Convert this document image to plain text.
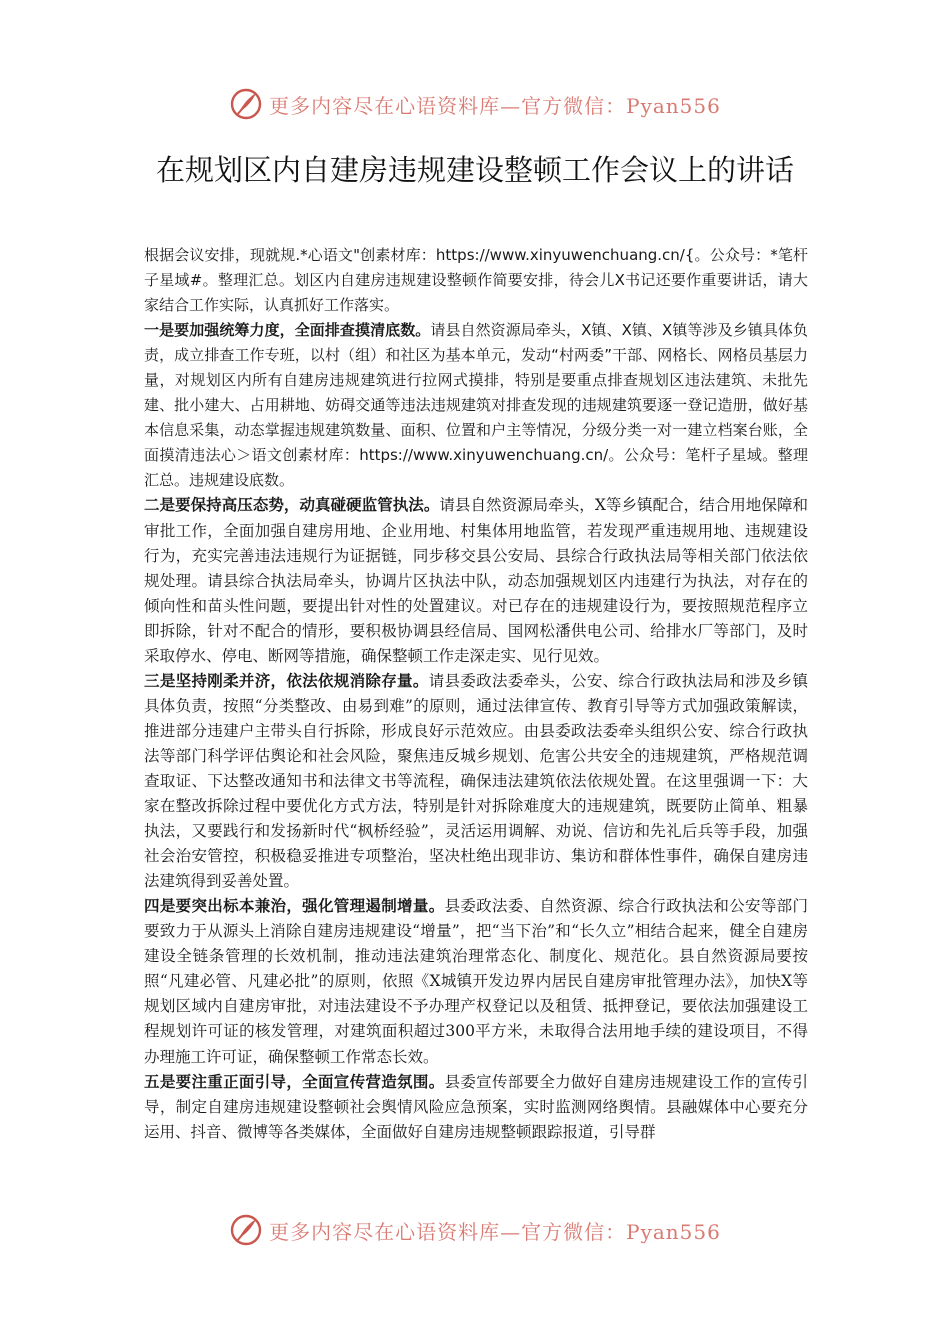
更多内容尽在心语资料库—官方微信：Pyan556
在规划区内自建房违规建设整顿工作会议上的讲话

根据会议安排，现就规.*心语文"创素材库：https://www.xinyuwenchuang.cn/{。公众号：*笔杆子星域#。整理汇总。划区内自建房违规建设整顿作简要安排，待会儿X书记还要作重要讲话，请大家结合工作实际，认真抓好工作落实。

一是要加强统筹力度，全面排查摸清底数。请县自然资源局牵头，X镇、X镇、X镇等涉及乡镇具体负责，成立排查工作专班，以村（组）和社区为基本单元，发动“村两委”干部、网格长、网格员基层力量，对规划区内所有自建房违规建筑进行拉网式摸排，特别是要重点排查规划区违法建筑、未批先建、批小建大、占用耕地、妨碍交通等违法违规建筑对排查发现的违规建筑要逐一登记造册，做好基本信息采集，动态掌握违规建筑数量、面积、位置和户主等情况，分级分类一对一建立档案台账，全面摸清违法心＞语文创素材库：https://www.xinyuwenchuang.cn/。公众号：笔杆子星域。整理汇总。违规建设底数。

二是要保持高压态势，动真碰硬监管执法。请县自然资源局牵头，X等乡镇配合，结合用地保障和审批工作，全面加强自建房用地、企业用地、村集体用地监管，若发现严重违规用地、违规建设行为，充实完善违法违规行为证据链，同步移交县公安局、县综合行政执法局等相关部门依法依规处理。请县综合执法局牵头，协调片区执法中队，动态加强规划区内违建行为执法，对存在的倾向性和苗头性问题，要提出针对性的处置建议。对已存在的违规建设行为，要按照规范程序立即拆除，针对不配合的情形，要积极协调县经信局、国网松潘供电公司、给排水厂等部门，及时采取停水、停电、断网等措施，确保整顿工作走深走实、见行见效。

三是坚持刚柔并济，依法依规消除存量。请县委政法委牵头，公安、综合行政执法局和涉及乡镇具体负责，按照“分类整改、由易到难”的原则，通过法律宣传、教育引导等方式加强政策解读，推进部分违建户主带头自行拆除，形成良好示范效应。由县委政法委牵头组织公安、综合行政执法等部门科学评估舆论和社会风险，聚焦违反城乡规划、危害公共安全的违规建筑，严格规范调查取证、下达整改通知书和法律文书等流程，确保违法建筑依法依规处置。在这里强调一下：大家在整改拆除过程中要优化方式方法，特别是针对拆除难度大的违规建筑，既要防止简单、粗暴执法，又要践行和发扬新时代“枫桥经验”，灵活运用调解、劝说、信访和先礼后兵等手段，加强社会治安管控，积极稳妥推进专项整治，坚决杜绝出现非访、集访和群体性事件，确保自建房违法建筑得到妥善处置。

四是要突出标本兼治，强化管理遏制增量。县委政法委、自然资源、综合行政执法和公安等部门要致力于从源头上消除自建房违规建设“增量”，把“当下治”和“长久立”相结合起来，健全自建房建设全链条管理的长效机制，推动违法建筑治理常态化、制度化、规范化。县自然资源局要按照“凡建必管、凡建必批”的原则，依照《X城镇开发边界内居民自建房审批管理办法》，加快X等规划区域内自建房审批，对违法建设不予办理产权登记以及租赁、抵押登记，要依法加强建设工程规划许可证的核发管理，对建筑面积超过300平方米，未取得合法用地手续的建设项目，不得办理施工许可证，确保整顿工作常态长效。

五是要注重正面引导，全面宣传营造氛围。县委宣传部要全力做好自建房违规建设工作的宣传引导，制定自建房违规建设整顿社会舆情风险应急预案，实时监测网络舆情。县融媒体中心要充分运用、抖音、微博等各类媒体，全面做好自建房违规整顿跟踪报道，引导群

更多内容尽在心语资料库—官方微信：Pyan556
